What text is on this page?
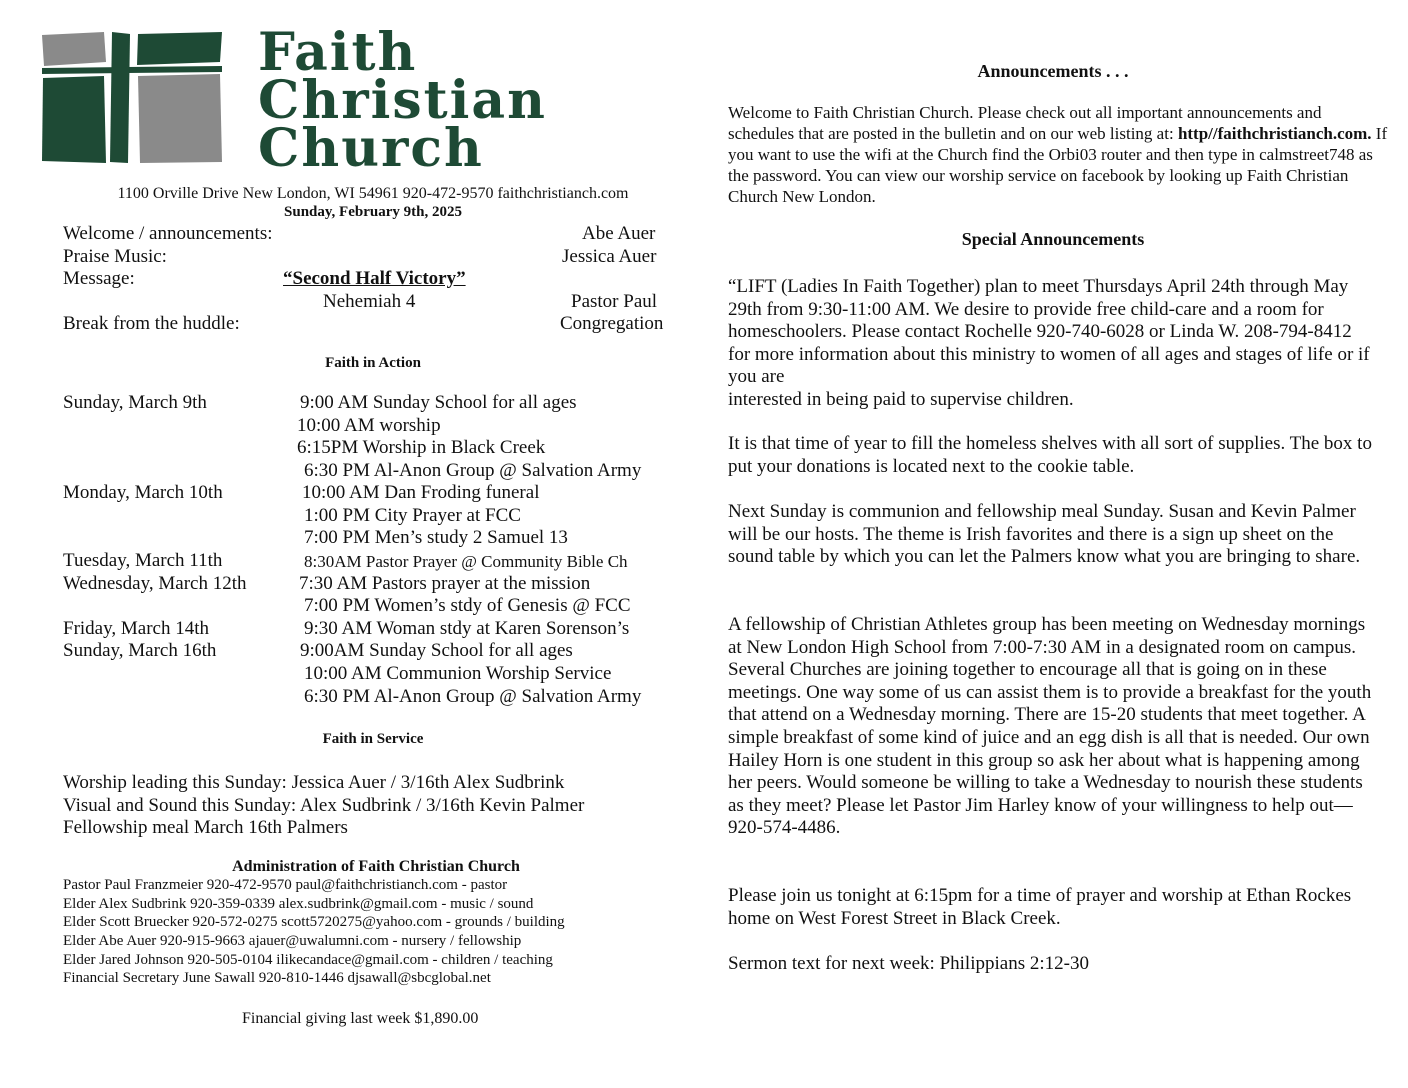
Faith
Christian
Church
1100 Orville Drive New London, WI 54961 920-472-9570 faithchristianch.com
Sunday, February 9th, 2025
Welcome / announcements:	Abe Auer
Praise Music:	Jessica Auer
Message:	“Second Half Victory”
Nehemiah 4	Pastor Paul
Break from the huddle:	Congregation
Faith in Action
Sunday, March 9th	9:00 AM Sunday School for all ages
10:00 AM worship
6:15PM Worship in Black Creek
6:30 PM Al-Anon Group @ Salvation Army
Monday, March 10th	10:00 AM Dan Froding funeral
1:00 PM City Prayer at FCC
7:00 PM Men’s study 2 Samuel 13
Tuesday, March 11th	8:30AM Pastor Prayer @ Community Bible Ch
Wednesday, March 12th	7:30 AM Pastors prayer at the mission
7:00 PM Women’s stdy of Genesis @ FCC
Friday, March 14th	9:30 AM Woman stdy at Karen Sorenson’s
Sunday, March 16th	9:00AM Sunday School for all ages
10:00 AM Communion Worship Service
6:30 PM Al-Anon Group @ Salvation Army
Faith in Service
Worship leading this Sunday: Jessica Auer / 3/16th Alex Sudbrink
Visual and Sound this Sunday: Alex Sudbrink / 3/16th Kevin Palmer
Fellowship meal March 16th Palmers
Administration of Faith Christian Church
Pastor Paul Franzmeier 920-472-9570 paul@faithchristianch.com - pastor
Elder Alex Sudbrink 920-359-0339 alex.sudbrink@gmail.com - music / sound
Elder Scott Bruecker 920-572-0275 scott5720275@yahoo.com - grounds / building
Elder Abe Auer 920-915-9663 ajauer@uwalumni.com - nursery / fellowship
Elder Jared Johnson 920-505-0104 ilikecandace@gmail.com - children / teaching
Financial Secretary June Sawall 920-810-1446 djsawall@sbcglobal.net
Financial giving last week $1,890.00
Announcements . . .
Welcome to Faith Christian Church. Please check out all important announcements and schedules that are posted in the bulletin and on our web listing at: http//faithchristianch.com. If you want to use the wifi at the Church find the Orbi03 router and then type in calmstreet748 as the password. You can view our worship service on facebook by looking up Faith Christian Church New London.
Special Announcements

“LIFT (Ladies In Faith Together) plan to meet Thursdays April 24th through May 29th from 9:30-11:00 AM. We desire to provide free child-care and a room for homeschoolers. Please contact Rochelle 920-740-6028 or Linda W. 208-794-8412 for more information about this ministry to women of all ages and stages of life or if you are

interested in being paid to supervise children.

It is that time of year to fill the homeless shelves with all sort of supplies. The box to put your donations is located next to the cookie table.
Next Sunday is communion and fellowship meal Sunday. Susan and Kevin Palmer will be our hosts. The theme is Irish favorites and there is a sign up sheet on the sound table by which you can let the Palmers know what you are bringing to share.
A fellowship of Christian Athletes group has been meeting on Wednesday mornings at New London High School from 7:00-7:30 AM in a designated room on campus. Several Churches are joining together to encourage all that is going on in these meetings. One way some of us can assist them is to provide a breakfast for the youth that attend on a Wednesday morning. There are 15-20 students that meet together. A simple breakfast of some kind of juice and an egg dish is all that is needed. Our own Hailey Horn is one student in this group so ask her about what is happening among her peers. Would someone be willing to take a Wednesday to nourish these students as they meet? Please let Pastor Jim Harley know of your willingness to help out—920-574-4486.
Please join us tonight at 6:15pm for a time of prayer and worship at Ethan Rockes home on West Forest Street in Black Creek.
Sermon text for next week: Philippians 2:12-30
